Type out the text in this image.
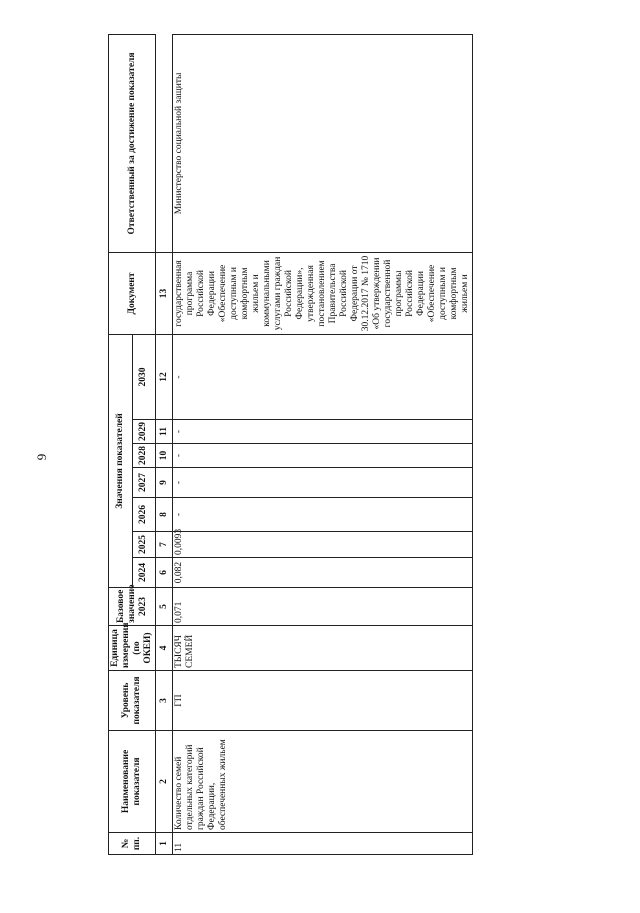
9
№ пп.	Наименование показателя	Уровень показателя	Единица измерения (по ОКЕИ)	Базовое значение 2023	Значения показателей							Документ	Ответственный за достижение показателя
					2024	2025	2026	2027	2028	2029	2030		
1	2	3	4	5	6	7	8	9	10	11	12	13	
11	Количество семей отдельных категорий граждан Российской Федерации, обеспеченных жильем	ГП	ТЫСЯЧ СЕМЕЙ	0,071	0,082	0,0093	-	-	-	-	-	государственная программа Российской Федерации «Обеспечение доступным и комфортным жильем и коммунальными услугами граждан Российской Федерации», утвержденная постановлением Правительства Российской Федерации от 30.12.2017 № 1710 «Об утверждении государственной программы Российской Федерации «Обеспечение доступным и комфортным жильем и	Министерство социальной защиты
